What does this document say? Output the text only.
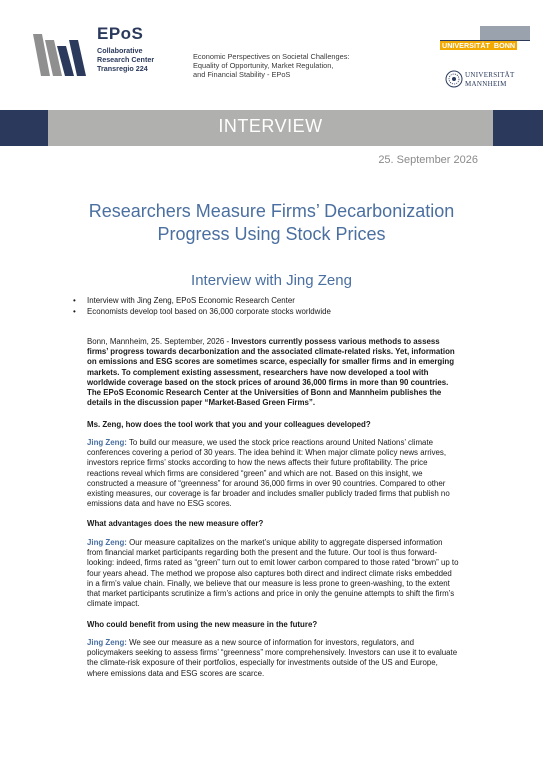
EPoS
Collaborative
Research Center
Transregio 224
Economic Perspectives on Societal Challenges:
Equality of Opportunity, Market Regulation,
and Financial Stability - EPoS
UNIVERSITÄT BONN
UNIVERSITÄT
MANNHEIM
INTERVIEW
25. September 2026
Researchers Measure Firms’ Decarbonization
Progress Using Stock Prices
Interview with Jing Zeng
• Interview with Jing Zeng, EPoS Economic Research Center
• Economists develop tool based on 36,000 corporate stocks worldwide
Bonn, Mannheim, 25. September, 2026 - Investors currently possess various methods to assess firms’ progress towards decarbonization and the associated climate-related risks. Yet, information on emissions and ESG scores are sometimes scarce, especially for smaller firms and in emerging markets. To complement existing assessment, researchers have now developed a tool with worldwide coverage based on the stock prices of around 36,000 firms in more than 90 countries. The EPoS Economic Research Center at the Universities of Bonn and Mannheim publishes the details in the discussion paper “Market-Based Green Firms”.
Ms. Zeng, how does the tool work that you and your colleagues developed?
Jing Zeng: To build our measure, we used the stock price reactions around United Nations’ climate conferences covering a period of 30 years. The idea behind it: When major climate policy news arrives, investors reprice firms’ stocks according to how the news affects their future profitability. The price reactions reveal which firms are considered “green” and which are not. Based on this insight, we constructed a measure of “greenness” for around 36,000 firms in over 90 countries. Compared to other existing measures, our coverage is far broader and includes smaller publicly traded firms that publish no emissions data and have no ESG scores.
What advantages does the new measure offer?
Jing Zeng: Our measure capitalizes on the market’s unique ability to aggregate dispersed information from financial market participants regarding both the present and the future. Our tool is thus forward-looking: indeed, firms rated as “green” turn out to emit lower carbon compared to those rated “brown” up to four years ahead. The method we propose also captures both direct and indirect climate risks embedded in a firm’s value chain. Finally, we believe that our measure is less prone to green-washing, to the extent that market participants scrutinize a firm’s actions and price in only the genuine attempts to shift the firm’s climate impact.
Who could benefit from using the new measure in the future?
Jing Zeng: We see our measure as a new source of information for investors, regulators, and policymakers seeking to assess firms’ “greenness” more comprehensively. Investors can use it to evaluate the climate-risk exposure of their portfolios, especially for investments outside of the US and Europe, where emissions data and ESG scores are scarce.
